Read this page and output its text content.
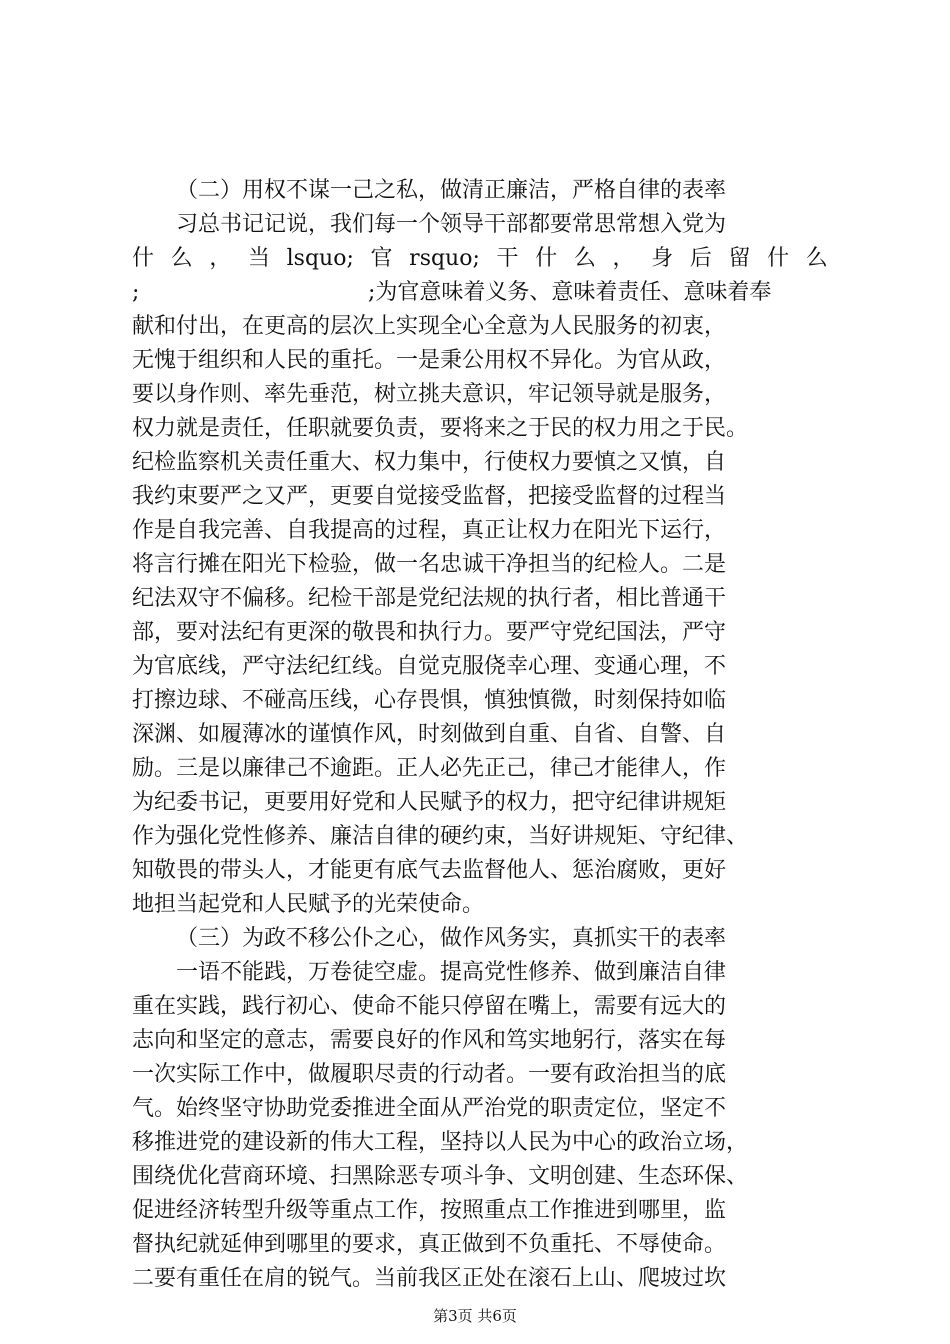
（二）用权不谋一己之私，做清正廉洁，严格自律的表率
习总书记记说，我们每一个领导干部都要常思常想入党为
什 么 ， 当 lsquo; 官 rsquo; 干 什 么 ， 身 后 留 什 么
;	;为官意味着义务、意味着责任、意味着奉
献和付出，在更高的层次上实现全心全意为人民服务的初衷，
无愧于组织和人民的重托。一是秉公用权不异化。为官从政，
要以身作则、率先垂范，树立挑夫意识，牢记领导就是服务，
权力就是责任，任职就要负责，要将来之于民的权力用之于民。
纪检监察机关责任重大、权力集中，行使权力要慎之又慎，自
我约束要严之又严，更要自觉接受监督，把接受监督的过程当
作是自我完善、自我提高的过程，真正让权力在阳光下运行，
将言行摊在阳光下检验，做一名忠诚干净担当的纪检人。二是
纪法双守不偏移。纪检干部是党纪法规的执行者，相比普通干
部，要对法纪有更深的敬畏和执行力。要严守党纪国法，严守
为官底线，严守法纪红线。自觉克服侥幸心理、变通心理，不
打擦边球、不碰高压线，心存畏惧，慎独慎微，时刻保持如临
深渊、如履薄冰的谨慎作风，时刻做到自重、自省、自警、自
励。三是以廉律己不逾距。正人必先正己，律己才能律人，作
为纪委书记，更要用好党和人民赋予的权力，把守纪律讲规矩
作为强化党性修养、廉洁自律的硬约束，当好讲规矩、守纪律、
知敬畏的带头人，才能更有底气去监督他人、惩治腐败，更好
地担当起党和人民赋予的光荣使命。
（三）为政不移公仆之心，做作风务实，真抓实干的表率
一语不能践，万卷徒空虚。提高党性修养、做到廉洁自律
重在实践，践行初心、使命不能只停留在嘴上，需要有远大的
志向和坚定的意志，需要良好的作风和笃实地躬行，落实在每
一次实际工作中，做履职尽责的行动者。一要有政治担当的底
气。始终坚守协助党委推进全面从严治党的职责定位，坚定不
移推进党的建设新的伟大工程，坚持以人民为中心的政治立场，
围绕优化营商环境、扫黑除恶专项斗争、文明创建、生态环保、
促进经济转型升级等重点工作，按照重点工作推进到哪里，监
督执纪就延伸到哪里的要求，真正做到不负重托、不辱使命。
二要有重任在肩的锐气。当前我区正处在滚石上山、爬坡过坎
第3页 共6页
